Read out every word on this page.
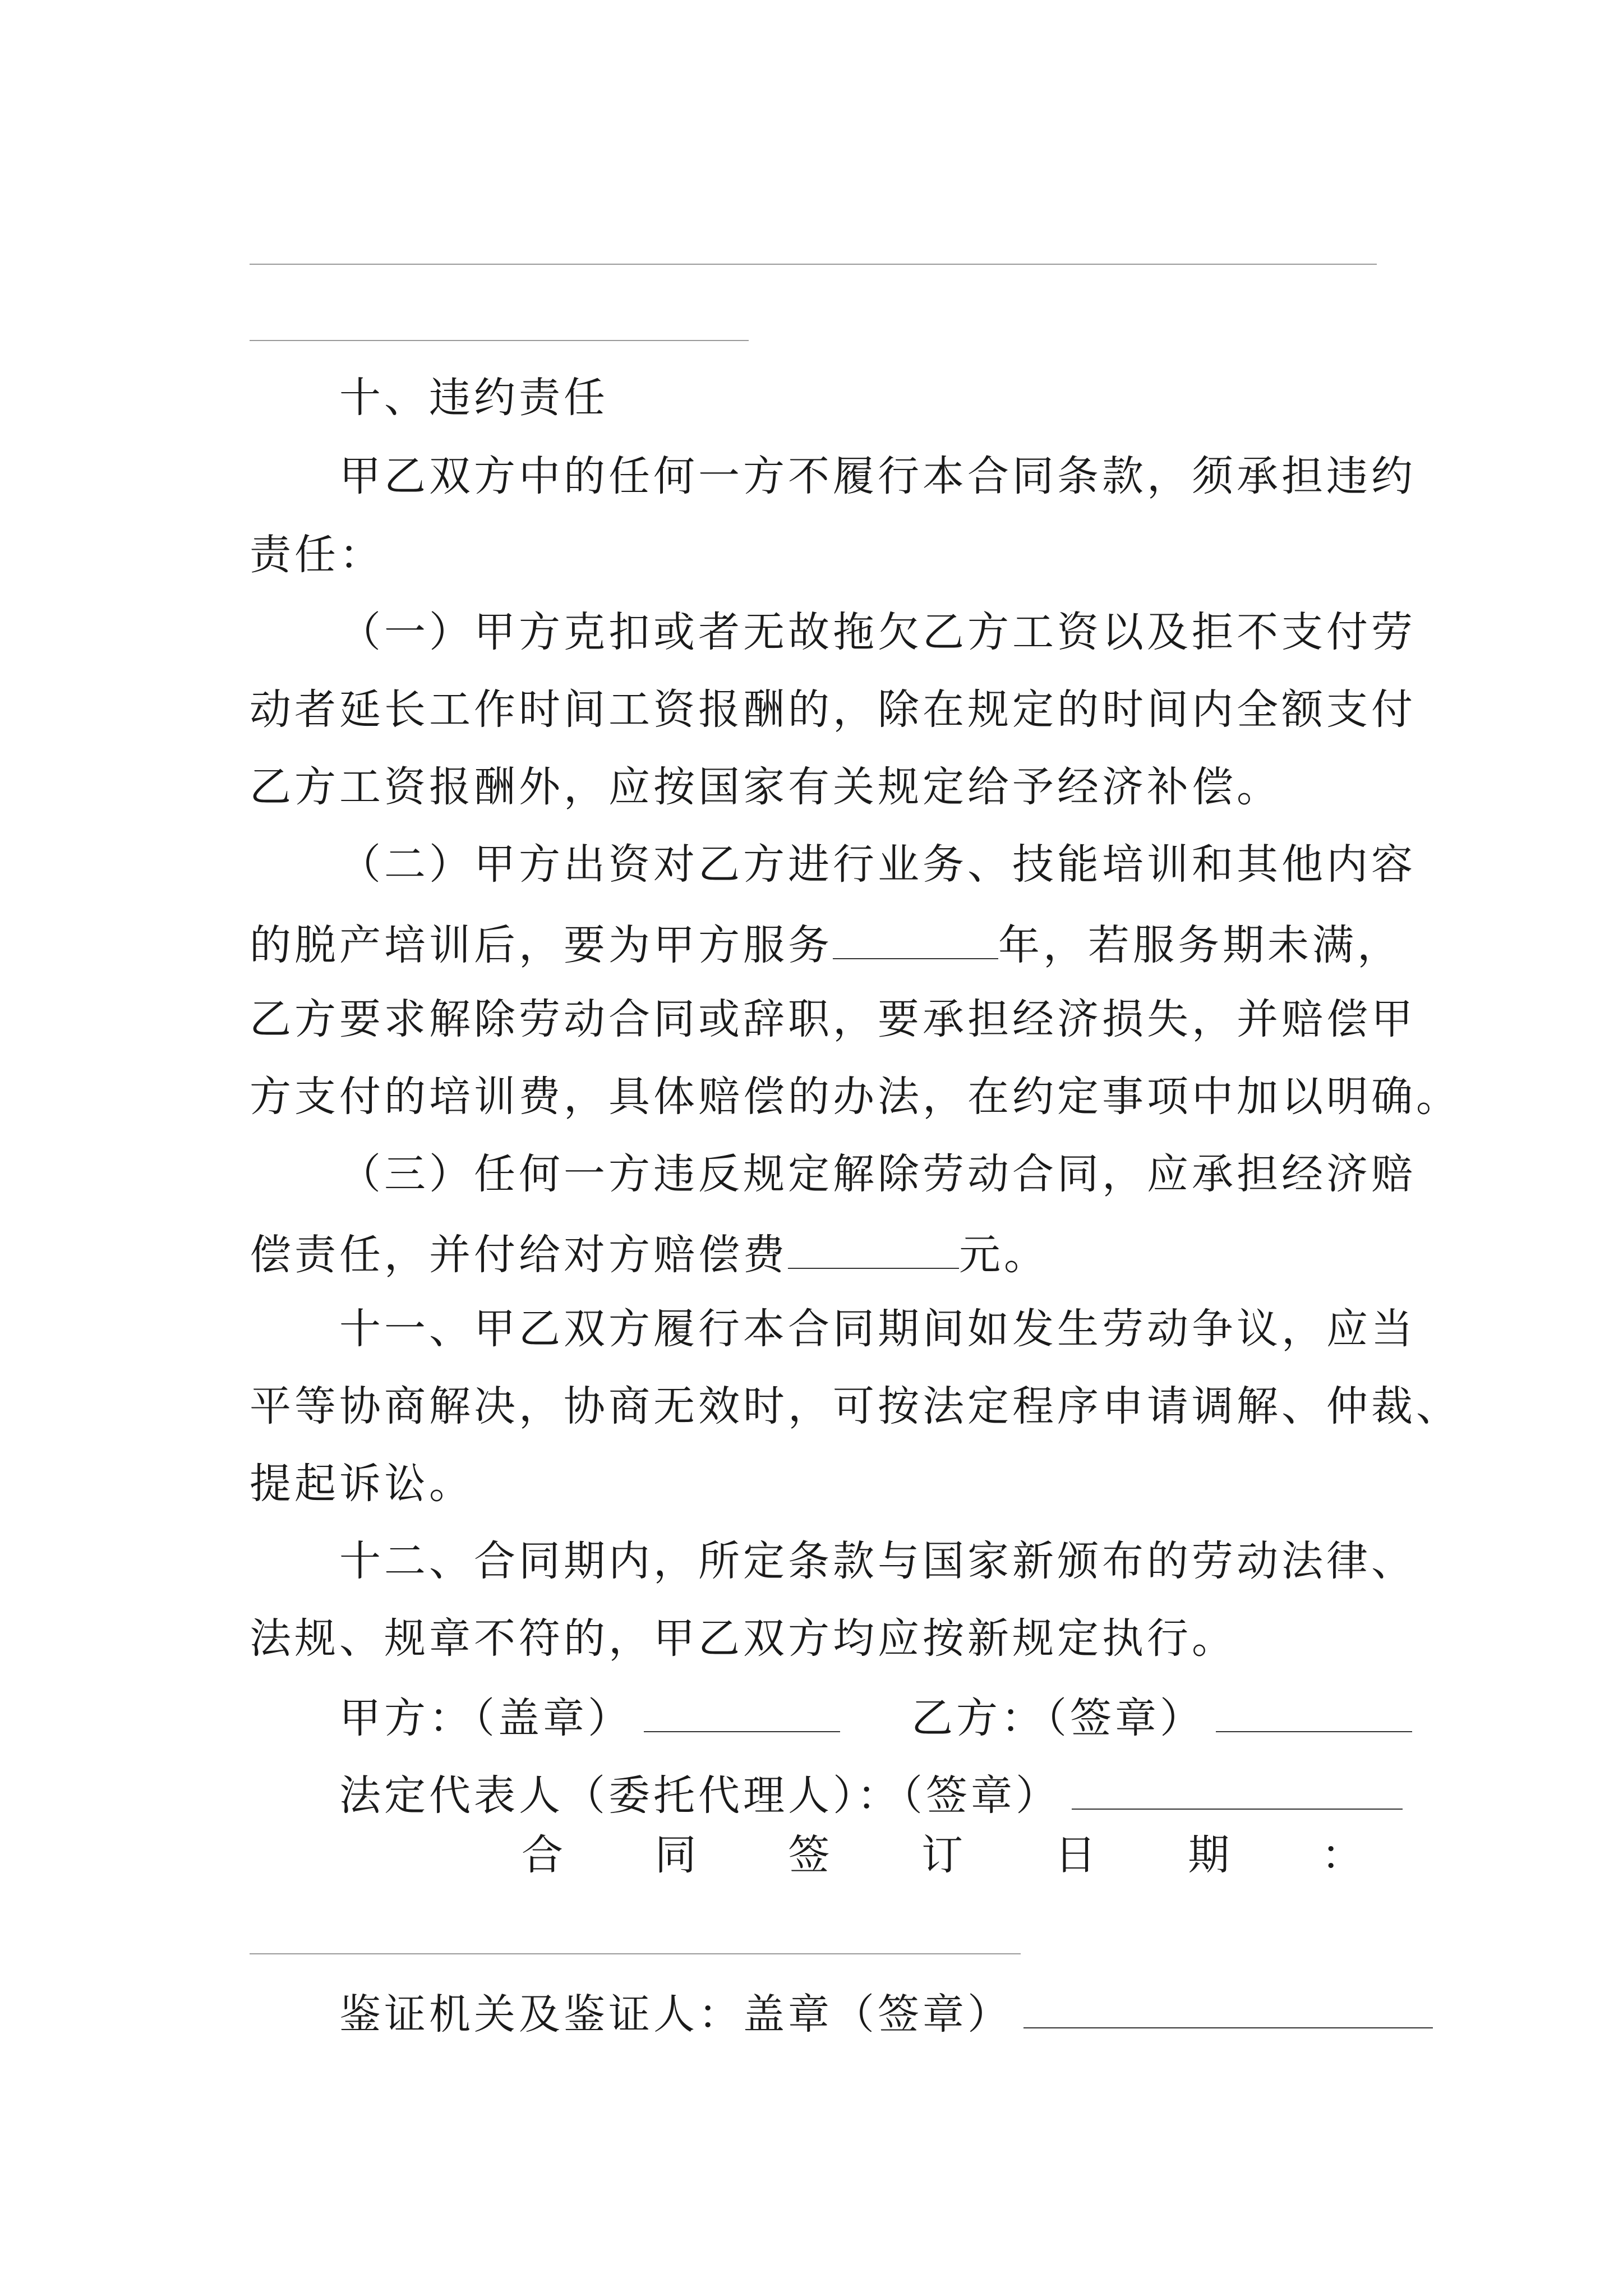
十、违约责任
甲乙双方中的任何一方不履行本合同条款，须承担违约
责任：
（一）甲方克扣或者无故拖欠乙方工资以及拒不支付劳
动者延长工作时间工资报酬的，除在规定的时间内全额支付
乙方工资报酬外，应按国家有关规定给予经济补偿。
（二）甲方出资对乙方进行业务、技能培训和其他内容
的脱产培训后，要为甲方服务	年，若服务期未满，
乙方要求解除劳动合同或辞职，要承担经济损失，并赔偿甲
方支付的培训费，具体赔偿的办法，在约定事项中加以明确。
（三）任何一方违反规定解除劳动合同，应承担经济赔
偿责任，并付给对方赔偿费	元。
十一、甲乙双方履行本合同期间如发生劳动争议，应当
平等协商解决，协商无效时，可按法定程序申请调解、仲裁、
提起诉讼。
十二、合同期内，所定条款与国家新颁布的劳动法律、
法规、规章不符的，甲乙双方均应按新规定执行。
甲方：（盖章）	乙方：（签章）
法定代表人（委托代理人）：（签章）
合 同 签 订 日 期 ：
鉴证机关及鉴证人：盖章（签章）
